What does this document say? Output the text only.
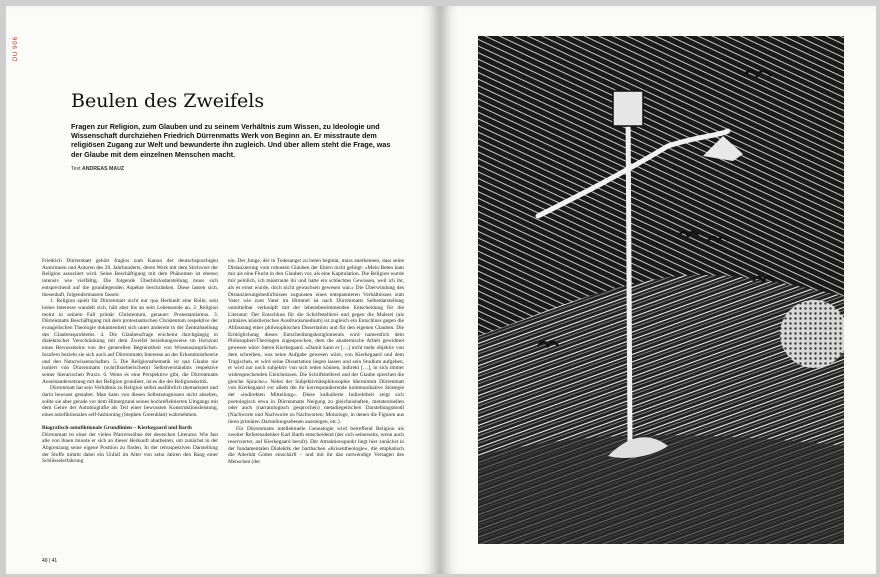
DU 906
Beulen des Zweifels

Fragen zur Religion, zum Glauben und zu seinem Verhältnis zum Wissen, zu Ideologie und Wissenschaft durchziehen Friedrich Dürrenmatts Werk von Beginn an. Er misstraute dem religiösen Zugang zur Welt und bewunderte ihn zugleich. Und über allem steht die Frage, was der Glaube mit dem einzelnen Menschen macht.

Text ANDREAS MAUZ

Friedrich Dürrenmatt gehört fraglos zum Kanon der deutschsprachigen Autorinnen und Autoren des 20. Jahrhunderts, deren Werk mit dem Stichwort der Religion assoziiert wird. Seine Beschäftigung mit dem Phänomen ist ebenso intensiv wie vielfältig. Die folgende Überblicksdarstellung muss sich entsprechend auf die grundlegenden Aspekte beschränken. Diese lassen sich, thesenhaft, folgendermassen fassen:

1. Religion spielt für Dürrenmatt nicht nur qua Herkunft eine Rolle; sein hohes Interesse wandelt sich, hält aber bis an sein Lebensende an. 2. Religion meint in seinem Fall primär Christentum, genauer: Protestantismus. 3. Dürrenmatts Beschäftigung mit dem protestantischen Christentum respektive der evangelischen Theologie dokumentiert sich unter anderem in der Zentralstellung des Glaubensproblems. 4. Die Glaubensfrage erscheint durchgängig in dialektischer Verschränkung mit dem Zweifel beziehungsweise im Horizont eines Bewusstseins von der generellen Begrenztheit von Wissensansprüchen. Insofern bezieht sie sich auch auf Dürrenmatts Interesse an der Erkenntnistheorie und den Naturwissenschaften. 5. Die Religionsthematik ist qua Glaube nie isoliert von Dürrenmatts (schriftstellerischem) Selbstverständnis respektive seiner literarischen Praxis. 6. Wenn es eine Perspektive gibt, die Dürrenmatts Auseinandersetzung mit der Religion grundiert, ist es die der Religionskritik.

Dürrenmatt hat sein Verhältnis zu Religion selbst ausführlich thematisiert und darin bewusst gestaltet. Man kann von diesen Selbstzeugnissen nicht absehen, sollte sie aber gerade vor dem Hintergrund seines hochreflektierten Umgangs mit dem Genre der Autobiografie als Teil einer bewussten Konstruktionsleistung, eines autofiktionalen self-fashioning (Stephen Greenblatt) wahrnehmen.

Biografisch-autofiktionale Grundlinien – Kierkegaard und Barth

Dürrenmatt ist einer der vielen Pfarrerssöhne der deutschen Literatur. Wie fast alle von ihnen musste er sich an dieser Herkunft abarbeiten, um zunächst in der Abgrenzung seine eigene Position zu finden. In der retrospektiven Darstellung der Stoffe nimmt dabei ein Unfall im Alter von zehn Jahren den Rang einer Schlüsselerfahrung

ein. Der Junge, der in Todesangst zu beten beginnt, muss anerkennen, dass seine Distanzierung vom robusten Glauben der Eltern nicht gelingt: «Mein Beten kam mir als eine Flucht in den Glauben vor, als eine Kapitulation. Die Religion wurde mir peinlich, ich misstraute ihr und hatte ein schlechtes Gewissen, weil ich ihr, als es ernst wurde, doch nicht gewachsen gewesen war.» Die Überwindung des Distanzierungsbedürfnisses zugunsten eines entspannteren Verhältnisses zum Vater wie zum Vater im Himmel ist nach Dürrenmatts Selbstdarstellung unmittelbar verknüpft mit der lebensbestimmenden Entscheidung für die Literatur: Der Entschluss für die Schriftstellerei und gegen die Malerei (als primäres künstlerisches Ausdrucksmedium) ist zugleich ein Entschluss gegen die Abfassung einer philosophischen Dissertation und für den eigenen Glauben. Die Ermöglichung dieses Entscheidungskonglomerats wird namentlich dem Philosophen/Theologen zugesprochen, dem die akademische Arbeit gewidmet gewesen wäre: Søren Kierkegaard. «Damit kann er […] nicht mehr objektiv von dem schreiben, was seine Aufgabe gewesen wäre, von Kierkegaard und dem Tragischen, er wird seine Dissertation liegen lassen und sein Studium aufgeben, er wird nur noch subjektiv von sich reden können, indirekt […], in sich immer widersprechenden Gleichnissen. Die Schriftstellerei und der Glaube sprechen die gleiche Sprache.» Nebst der Subjektivitätsphilosophie übernimmt Dürrenmatt von Kierkegaard vor allem die ihr korrespondierende kommunikative Strategie der «indirekten Mitteilung». Diese kalkulierte Indirektheit zeigt sich poetologisch etwa in Dürrenmatts Neigung zu gleichnishaften, metatextuellen oder auch (narratologisch gesprochen) metadiegetischen Darstellungsmodi (Nachworte und Nachworte zu Nachworten; Monologe, in denen die Figuren aus ihren primären Darstellungsebenen aussteigen, etc.).

Für Dürrenmatts intellektuelle Genealogie wird betreffend Religion als zweiter Referenzdenker Karl Barth entscheidend (der sich seinerseits, wenn auch reservierter, auf Kierkegaard beruft). Der Attraktionspunkt liegt hier zunächst in der fundamentalen Dialektik der barthschen «Krisentheologie», die emphatisch die Alterität Gottes einschärft – und mit ihr das notwendige Versagen des Menschen (der

40 | 41
